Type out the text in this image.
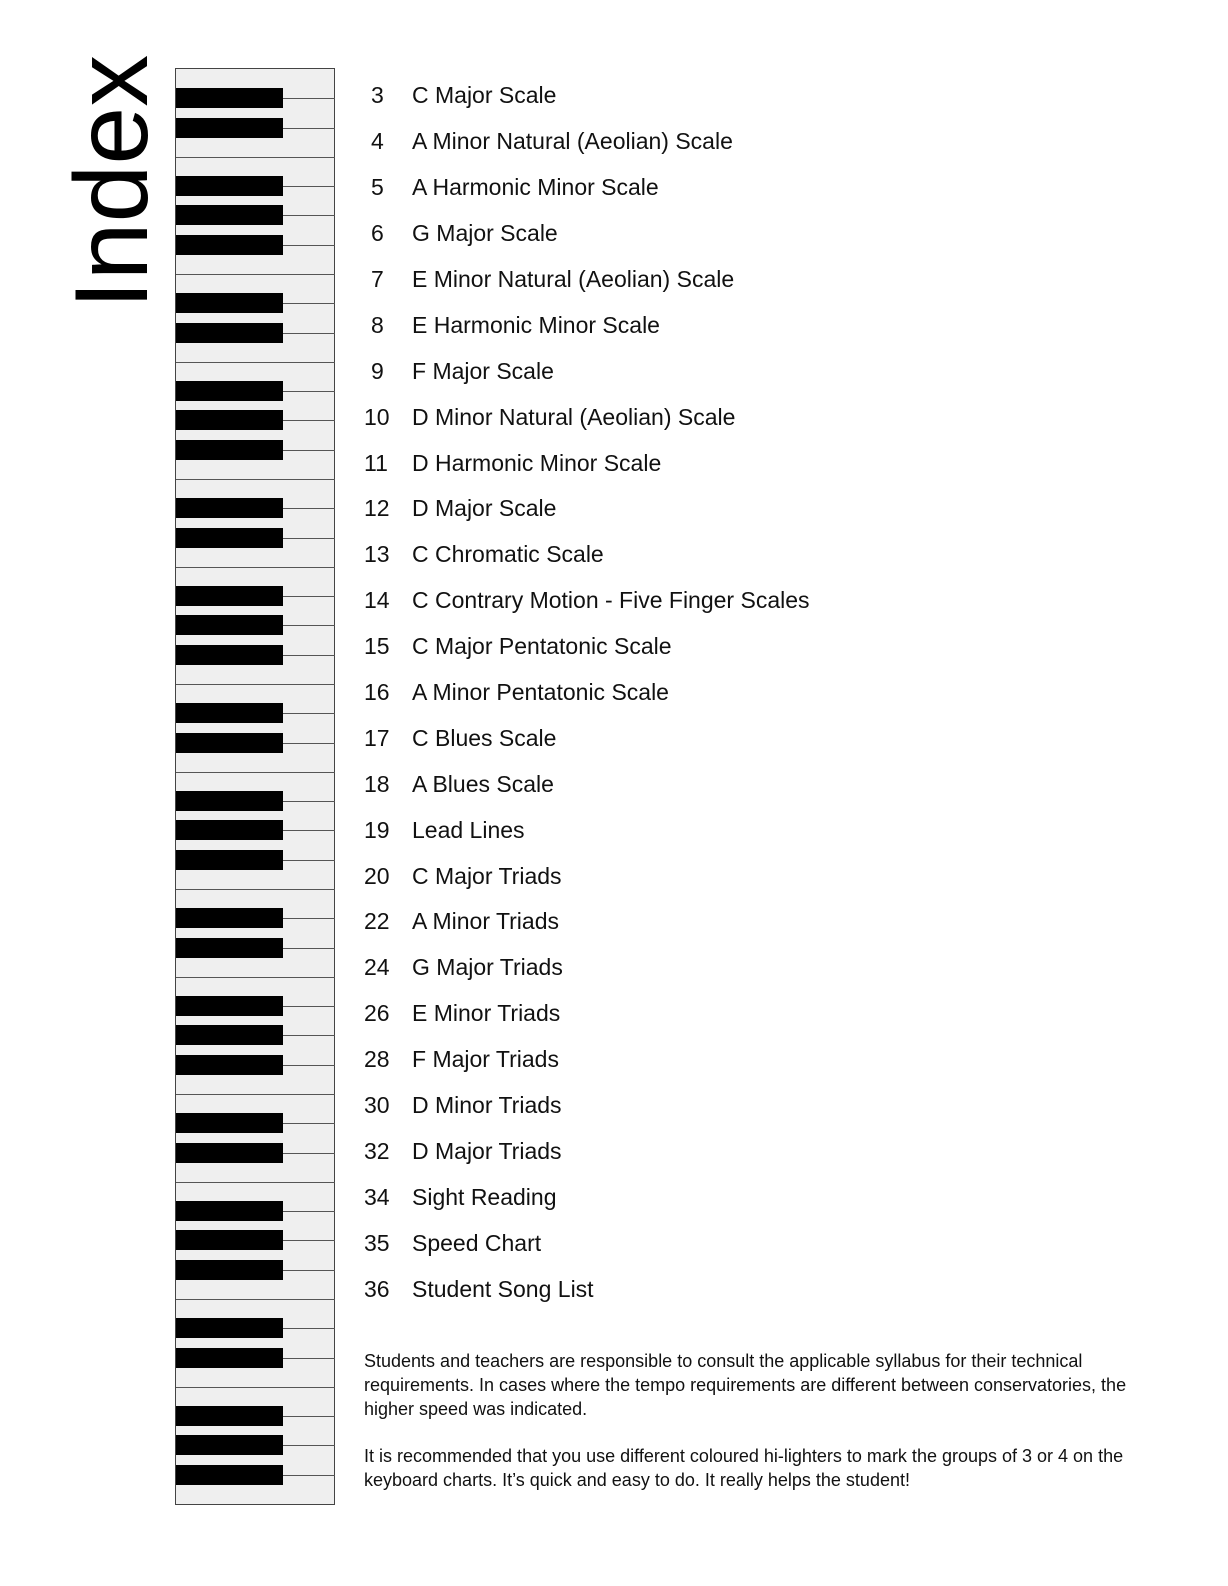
Index	3	C Major Scale
4	A Minor Natural (Aeolian) Scale
5	A Harmonic Minor Scale
6	G Major Scale
7	E Minor Natural (Aeolian) Scale
8	E Harmonic Minor Scale
9	F Major Scale
10 D Minor Natural (Aeolian) Scale
11	D Harmonic Minor Scale
12 D Major Scale
13 C Chromatic Scale
14 C Contrary Motion - Five Finger Scales
15 C Major Pentatonic Scale
16 A Minor Pentatonic Scale
17 C Blues Scale
18 A Blues Scale
19 Lead Lines
20 C Major Triads
22 A Minor Triads
24 G Major Triads
26 E Minor Triads
28 F Major Triads
30 D Minor Triads
32 D Major Triads
34 Sight Reading
35 Speed Chart
36 Student Song List

Students and teachers are responsible to consult the applicable syllabus for their technical requirements. In cases where the tempo requirements are different between conservatories, the higher speed was indicated.

It is recommended that you use different coloured hi-lighters to mark the groups of 3 or 4 on the keyboard charts. It’s quick and easy to do. It really helps the student!
